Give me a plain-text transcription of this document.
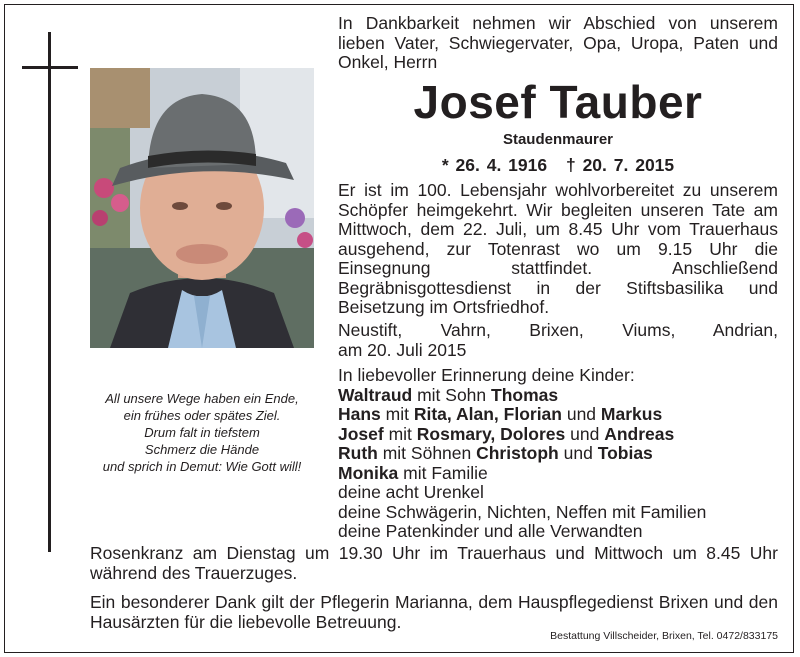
All unsere Wege haben ein Ende,
ein frühes oder spätes Ziel.
Drum falt in tiefstem
Schmerz die Hände
und sprich in Demut: Wie Gott will!
In Dankbarkeit nehmen wir Abschied von unserem lieben Vater, Schwiegervater, Opa, Uropa, Paten und Onkel, Herrn
Josef Tauber
Staudenmaurer
* 26. 4. 1916 † 20. 7. 2015
Er ist im 100. Lebensjahr wohlvorbereitet zu unserem Schöpfer heimgekehrt. Wir begleiten unseren Tate am Mittwoch, dem 22. Juli, um 8.45 Uhr vom Trauerhaus ausgehend, zur Totenrast wo um 9.15 Uhr die Einsegnung stattfindet. Anschließend Begräbnisgottesdienst in der Stiftsbasilika und Beisetzung im Ortsfriedhof.
Neustift, Vahrn, Brixen, Viums, Andrian,
am 20. Juli 2015
In liebevoller Erinnerung deine Kinder:
Waltraud mit Sohn Thomas
Hans mit Rita, Alan, Florian und Markus
Josef mit Rosmary, Dolores und Andreas
Ruth mit Söhnen Christoph und Tobias
Monika mit Familie
deine acht Urenkel
deine Schwägerin, Nichten, Neffen mit Familien
deine Patenkinder und alle Verwandten
Rosenkranz am Dienstag um 19.30 Uhr im Trauerhaus und Mittwoch um 8.45 Uhr während des Trauerzuges.
Ein besonderer Dank gilt der Pflegerin Marianna, dem Hauspflegedienst Brixen und den Hausärzten für die liebevolle Betreuung.
Bestattung Villscheider, Brixen, Tel. 0472/833175
